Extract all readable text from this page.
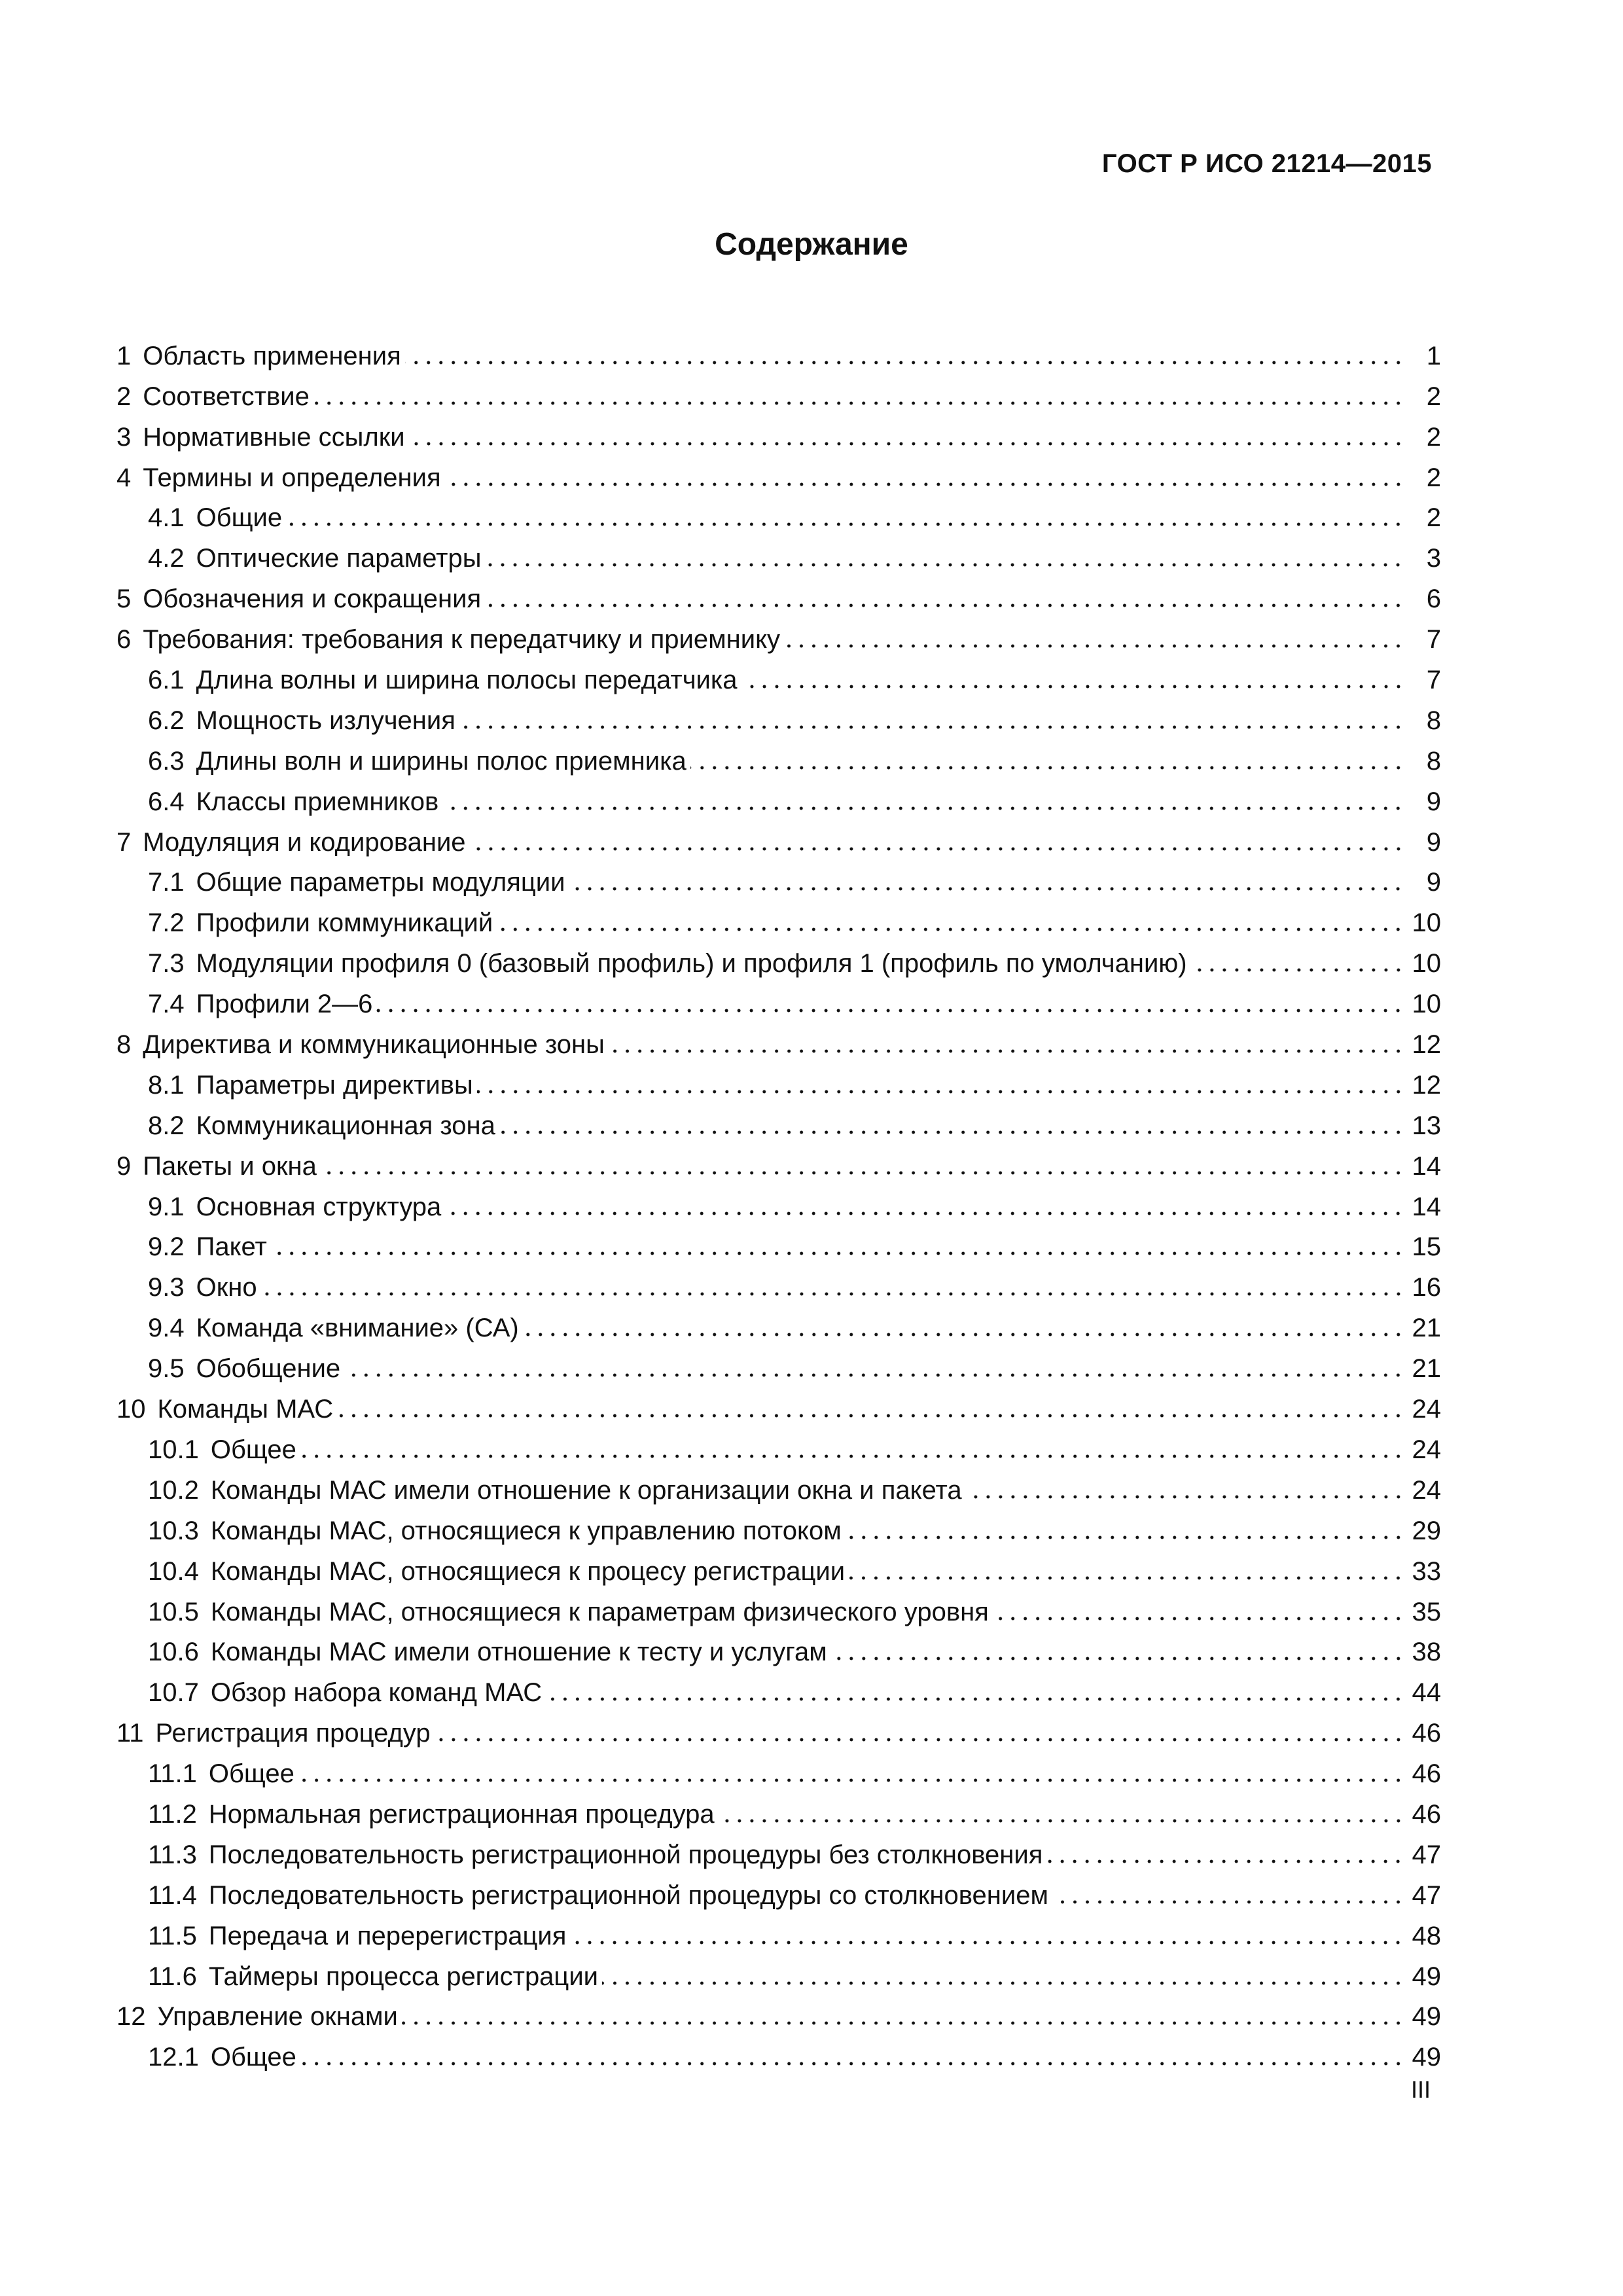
ГОСТ Р ИСО 21214—2015
Содержание
1 Область применения	1
2 Соответствие	2
3 Нормативные ссылки	2
4 Термины и определения	2
4.1 Общие	2
4.2 Оптические параметры	3
5 Обозначения и сокращения	6
6 Требования: требования к передатчику и приемнику	7
6.1 Длина волны и ширина полосы передатчика	7
6.2 Мощность излучения	8
6.3 Длины волн и ширины полос приемника	8
6.4 Классы приемников	9
7 Модуляция и кодирование	9
7.1 Общие параметры модуляции	9
7.2 Профили коммуникаций	10
7.3 Модуляции профиля 0 (базовый профиль) и профиля 1 (профиль по умолчанию)	10
7.4 Профили 2—6	10
8 Директива и коммуникационные зоны	12
8.1 Параметры директивы	12
8.2 Коммуникационная зона	13
9 Пакеты и окна	14
9.1 Основная структура	14
9.2 Пакет	15
9.3 Окно	16
9.4 Команда «внимание» (СА)	21
9.5 Обобщение	21
10 Команды МАС	24
10.1 Общее	24
10.2 Команды МАС имели отношение к организации окна и пакета	24
10.3 Команды МАС, относящиеся к управлению потоком	29
10.4 Команды МАС, относящиеся к процесу регистрации	33
10.5 Команды МАС, относящиеся к параметрам физического уровня	35
10.6 Команды МАС имели отношение к тесту и услугам	38
10.7 Обзор набора команд МАС	44
11 Регистрация процедур	46
11.1 Общее	46
11.2 Нормальная регистрационная процедура	46
11.3 Последовательность регистрационной процедуры без столкновения	47
11.4 Последовательность регистрационной процедуры со столкновением	47
11.5 Передача и перерегистрация	48
11.6 Таймеры процесса регистрации	49
12 Управление окнами	49
12.1 Общее	49
III
